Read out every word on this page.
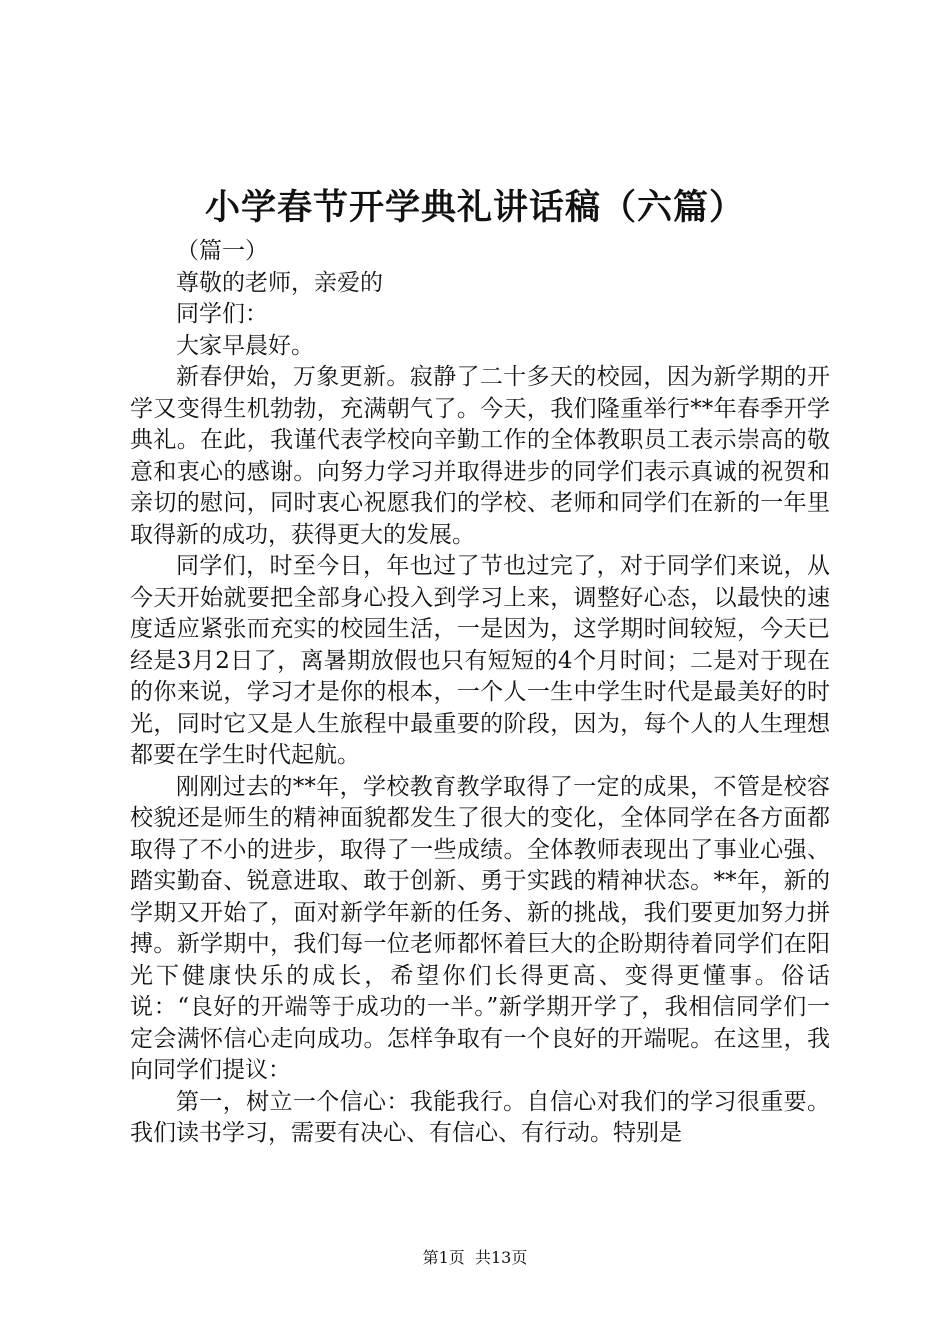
小学春节开学典礼讲话稿（六篇）

（篇一）

尊敬的老师，亲爱的

同学们：

大家早晨好。

新春伊始，万象更新。寂静了二十多天的校园，因为新学期的开学又变得生机勃勃，充满朝气了。今天，我们隆重举行**年春季开学典礼。在此，我谨代表学校向辛勤工作的全体教职员工表示崇高的敬意和衷心的感谢。向努力学习并取得进步的同学们表示真诚的祝贺和亲切的慰问，同时衷心祝愿我们的学校、老师和同学们在新的一年里取得新的成功，获得更大的发展。

同学们，时至今日，年也过了节也过完了，对于同学们来说，从今天开始就要把全部身心投入到学习上来，调整好心态，以最快的速度适应紧张而充实的校园生活，一是因为，这学期时间较短，今天已经是3月2日了，离暑期放假也只有短短的4个月时间；二是对于现在的你来说，学习才是你的根本，一个人一生中学生时代是最美好的时光，同时它又是人生旅程中最重要的阶段，因为，每个人的人生理想都要在学生时代起航。

刚刚过去的**年，学校教育教学取得了一定的成果，不管是校容校貌还是师生的精神面貌都发生了很大的变化，全体同学在各方面都取得了不小的进步，取得了一些成绩。全体教师表现出了事业心强、踏实勤奋、锐意进取、敢于创新、勇于实践的精神状态。**年，新的学期又开始了，面对新学年新的任务、新的挑战，我们要更加努力拼搏。新学期中，我们每一位老师都怀着巨大的企盼期待着同学们在阳光下健康快乐的成长，希望你们长得更高、变得更懂事。俗话说：“良好的开端等于成功的一半。”新学期开学了，我相信同学们一定会满怀信心走向成功。怎样争取有一个良好的开端呢。在这里，我向同学们提议：

第一，树立一个信心：我能我行。自信心对我们的学习很重要。我们读书学习，需要有决心、有信心、有行动。特别是

第1页 共13页
